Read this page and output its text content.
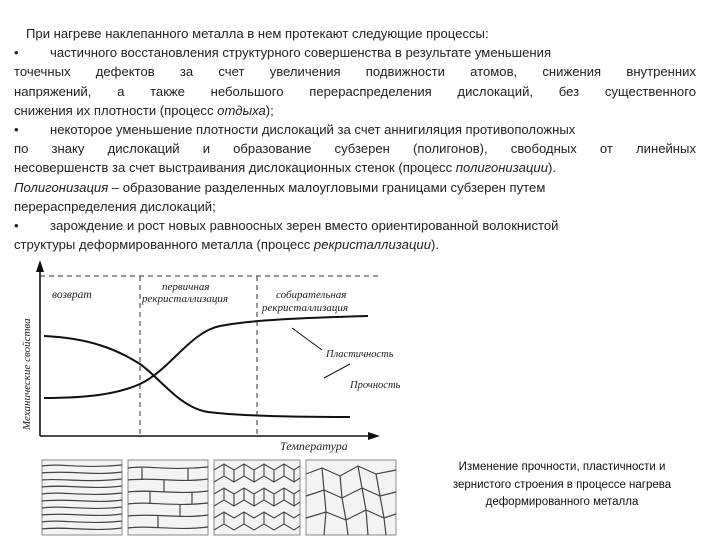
При нагреве наклепанного металла в нем протекают следующие процессы:
• частичного восстановления структурного совершенства в результате уменьшения
точечных дефектов за счет увеличения подвижности атомов, снижения внутренних
напряжений, а также небольшого перераспределения дислокаций, без существенного
снижения их плотности (процесс отдыха);
• некоторое уменьшение плотности дислокаций за счет аннигиляция противоположных
по знаку дислокаций и образование субзерен (полигонов), свободных от линейных
несовершенств за счет выстраивания дислокационных стенок (процесс полигонизации).
Полигонизация – образование разделенных малоугловыми границами субзерен путем
перераспределения дислокаций;
• зарождение и рост новых равноосных зерен вместо ориентированной волокнистой
структуры деформированного металла (процесс рекристаллизации).
Механические свойства
Температура
возврат
первичная
рекристаллизация	собирательная
рекристаллизация
Пластичность
Прочность
Изменение прочности, пластичности и
зернистого строения в процессе нагрева
деформированного металла
